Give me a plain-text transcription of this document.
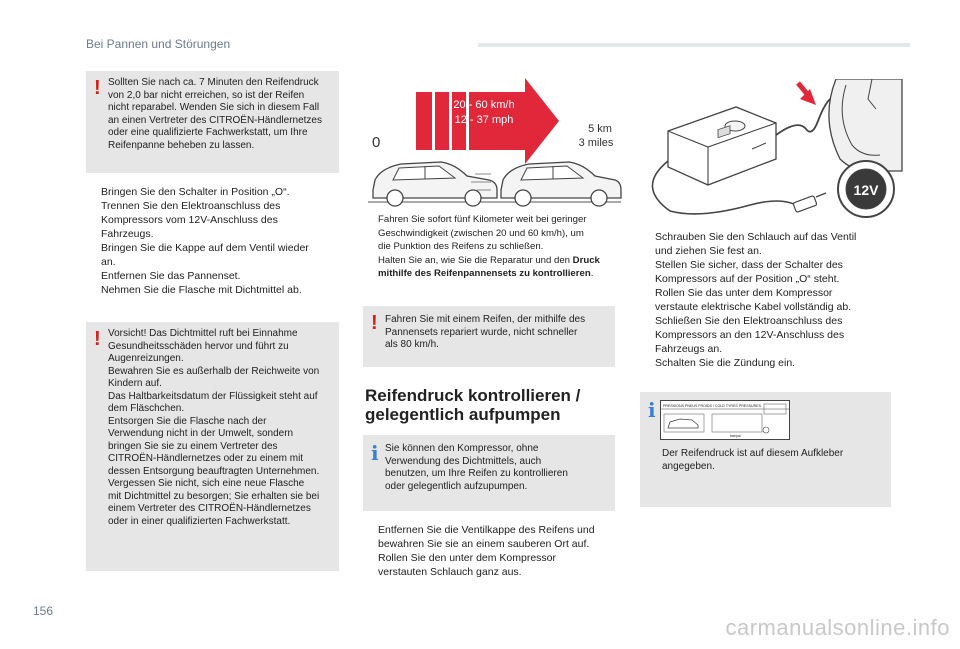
Bei Pannen und Störungen
! Sollten Sie nach ca. 7 Minuten den Reifendruck
von 2,0 bar nicht erreichen, so ist der Reifen
nicht reparabel. Wenden Sie sich in diesem Fall
an einen Vertreter des CITROËN-Händlernetzes
oder eine qualifizierte Fachwerkstatt, um Ihre
Reifenpanne beheben zu lassen.
Bringen Sie den Schalter in Position „O“.
Trennen Sie den Elektroanschluss des
Kompressors vom 12V-Anschluss des
Fahrzeugs.
Bringen Sie die Kappe auf dem Ventil wieder
an.
Entfernen Sie das Pannenset.
Nehmen Sie die Flasche mit Dichtmittel ab.
! Vorsicht! Das Dichtmittel ruft bei Einnahme
Gesundheitsschäden hervor und führt zu
Augenreizungen.
Bewahren Sie es außerhalb der Reichweite von
Kindern auf.
Das Haltbarkeitsdatum der Flüssigkeit steht auf
dem Fläschchen.
Entsorgen Sie die Flasche nach der
Verwendung nicht in der Umwelt, sondern
bringen Sie sie zu einem Vertreter des
CITROËN-Händlernetzes oder zu einem mit
dessen Entsorgung beauftragten Unternehmen.
Vergessen Sie nicht, sich eine neue Flasche
mit Dichtmittel zu besorgen; Sie erhalten sie bei
einem Vertreter des CITROËN-Händlernetzes
oder in einer qualifizierten Fachwerkstatt.
20 - 60 km/h
12 - 37 mph
0
5 km
3 miles
Fahren Sie sofort fünf Kilometer weit bei geringer
Geschwindigkeit (zwischen 20 und 60 km/h), um
die Punktion des Reifens zu schließen.
Halten Sie an, wie Sie die Reparatur und den Druck
mithilfe des Reifenpannensets zu kontrollieren.
! Fahren Sie mit einem Reifen, der mithilfe des
Pannensets repariert wurde, nicht schneller
als 80 km/h.
Reifendruck kontrollieren / gelegentlich aufpumpen
i Sie können den Kompressor, ohne
Verwendung des Dichtmittels, auch
benutzen, um Ihre Reifen zu kontrollieren
oder gelegentlich aufzupumpen.
Entfernen Sie die Ventilkappe des Reifens und
bewahren Sie sie an einem sauberen Ort auf.
Rollen Sie den unter dem Kompressor
verstauten Schlauch ganz aus.
12V
Schrauben Sie den Schlauch auf das Ventil
und ziehen Sie fest an.
Stellen Sie sicher, dass der Schalter des
Kompressors auf der Position „O“ steht.
Rollen Sie das unter dem Kompressor
verstaute elektrische Kabel vollständig ab.
Schließen Sie den Elektroanschluss des
Kompressors an den 12V-Anschluss des
Fahrzeugs an.
Schalten Sie die Zündung ein.
i PRESSIONS PNEUS FROIDS / COLD TYRES PRESSURES
bar/psi
Der Reifendruck ist auf diesem Aufkleber
angegeben.
156
carmanualsonline.info
